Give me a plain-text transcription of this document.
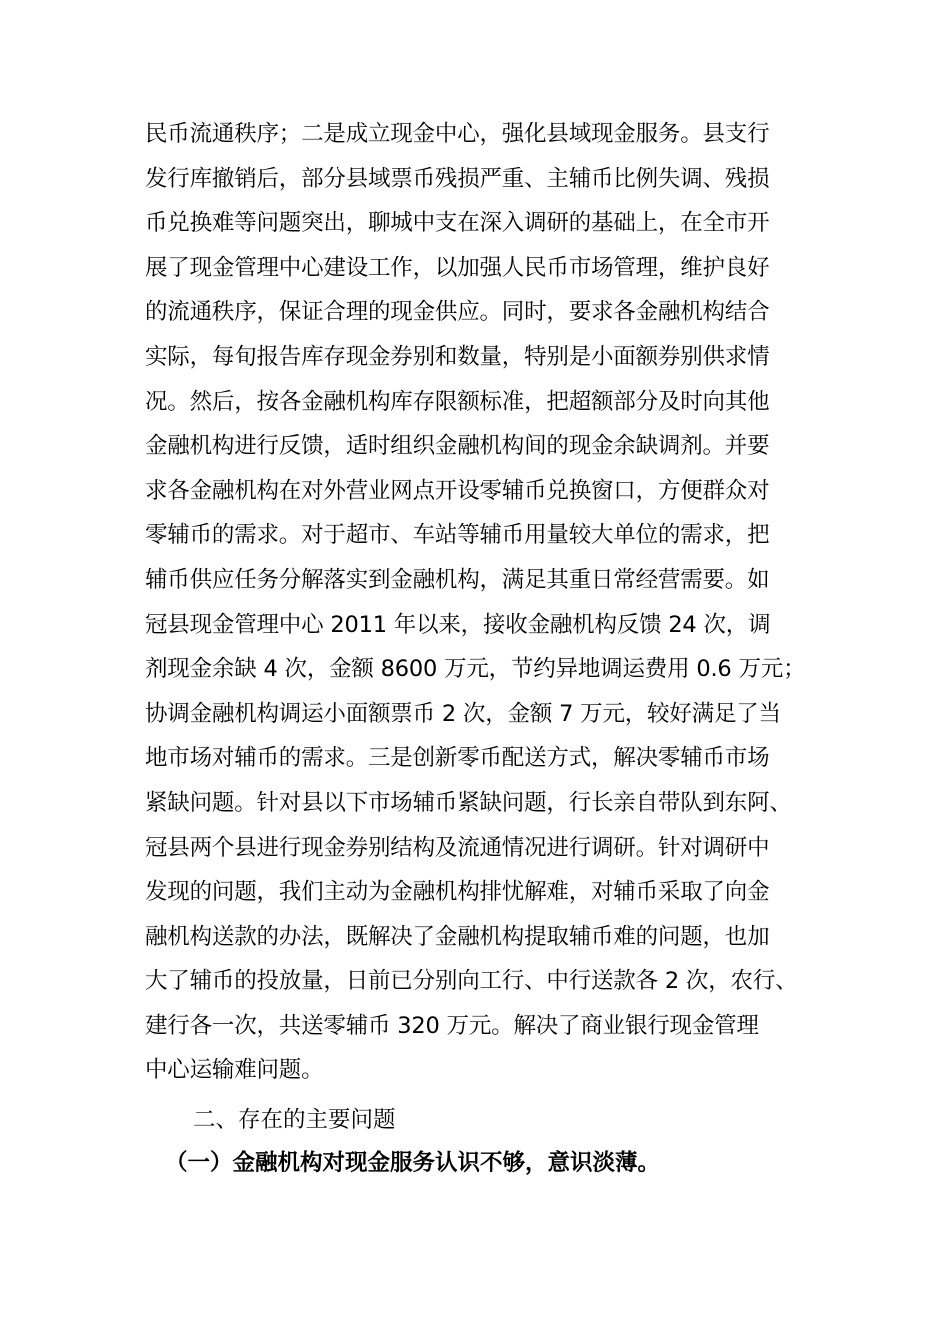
民币流通秩序；二是成立现金中心，强化县域现金服务。县支行
发行库撤销后，部分县域票币残损严重、主辅币比例失调、残损
币兑换难等问题突出，聊城中支在深入调研的基础上，在全市开
展了现金管理中心建设工作，以加强人民币市场管理，维护良好
的流通秩序，保证合理的现金供应。同时，要求各金融机构结合
实际，每旬报告库存现金券别和数量，特别是小面额券别供求情
况。然后，按各金融机构库存限额标准，把超额部分及时向其他
金融机构进行反馈，适时组织金融机构间的现金余缺调剂。并要
求各金融机构在对外营业网点开设零辅币兑换窗口，方便群众对
零辅币的需求。对于超市、车站等辅币用量较大单位的需求，把
辅币供应任务分解落实到金融机构，满足其重日常经营需要。如
冠县现金管理中心 2011 年以来，接收金融机构反馈 24 次，调
剂现金余缺 4 次，金额 8600 万元，节约异地调运费用 0.6 万元；
协调金融机构调运小面额票币 2 次，金额 7 万元，较好满足了当
地市场对辅币的需求。三是创新零币配送方式，解决零辅币市场
紧缺问题。针对县以下市场辅币紧缺问题，行长亲自带队到东阿、
冠县两个县进行现金券别结构及流通情况进行调研。针对调研中
发现的问题，我们主动为金融机构排忧解难，对辅币采取了向金
融机构送款的办法，既解决了金融机构提取辅币难的问题，也加
大了辅币的投放量，日前已分别向工行、中行送款各 2 次，农行、
建行各一次，共送零辅币 320 万元。解决了商业银行现金管理
中心运输难问题。
二、存在的主要问题
（一）金融机构对现金服务认识不够，意识淡薄。
